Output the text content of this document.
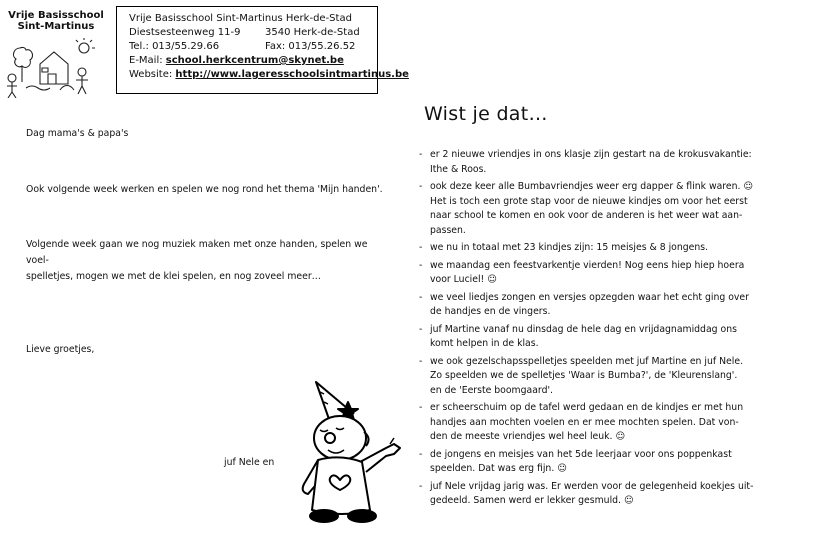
Vrije Basisschool
Sint-Martinus
Vrije Basisschool Sint-Martinus Herk-de-Stad
Diestsesteenweg 11-9	3540 Herk-de-Stad
Tel.: 013/55.29.66	Fax: 013/55.26.52
E-Mail:
school.herkcentrum@skynet.be
Website:
http://www.lageresschoolsintmartinus.be
Dag mama's & papa's
Ook volgende week werken en spelen we nog rond het thema 'Mijn handen'.
Volgende week gaan we nog muziek maken met onze handen, spelen we voel-
spelletjes, mogen we met de klei spelen, en nog zoveel meer…
Lieve groetjes,
juf Nele en
Wist je dat…
- er 2 nieuwe vriendjes in ons klasje zijn gestart na de krokusvakantie:
Ithe & Roos.
- ook deze keer alle Bumbavriendjes weer erg dapper & flink waren. ☺
Het is toch een grote stap voor de nieuwe kindjes om voor het eerst
naar school te komen en ook voor de anderen is het weer wat aan-
passen.
- we nu in totaal met 23 kindjes zijn: 15 meisjes & 8 jongens.
- we maandag een feestvarkentje vierden! Nog eens hiep hiep hoera
voor Luciel! ☺
- we veel liedjes zongen en versjes opzegden waar het echt ging over
de handjes en de vingers.
- juf Martine vanaf nu dinsdag de hele dag en vrijdagnamiddag ons
komt helpen in de klas.
- we ook gezelschapsspelletjes speelden met juf Martine en juf Nele.
Zo speelden we de spelletjes 'Waar is Bumba?', de 'Kleurenslang'.
en de 'Eerste boomgaard'.
- er scheerschuim op de tafel werd gedaan en de kindjes er met hun
handjes aan mochten voelen en er mee mochten spelen. Dat von-
den de meeste vriendjes wel heel leuk. ☺
- de jongens en meisjes van het 5de leerjaar voor ons poppenkast
speelden. Dat was erg fijn. ☺
- juf Nele vrijdag jarig was. Er werden voor de gelegenheid koekjes uit-
gedeeld. Samen werd er lekker gesmuld. ☺
